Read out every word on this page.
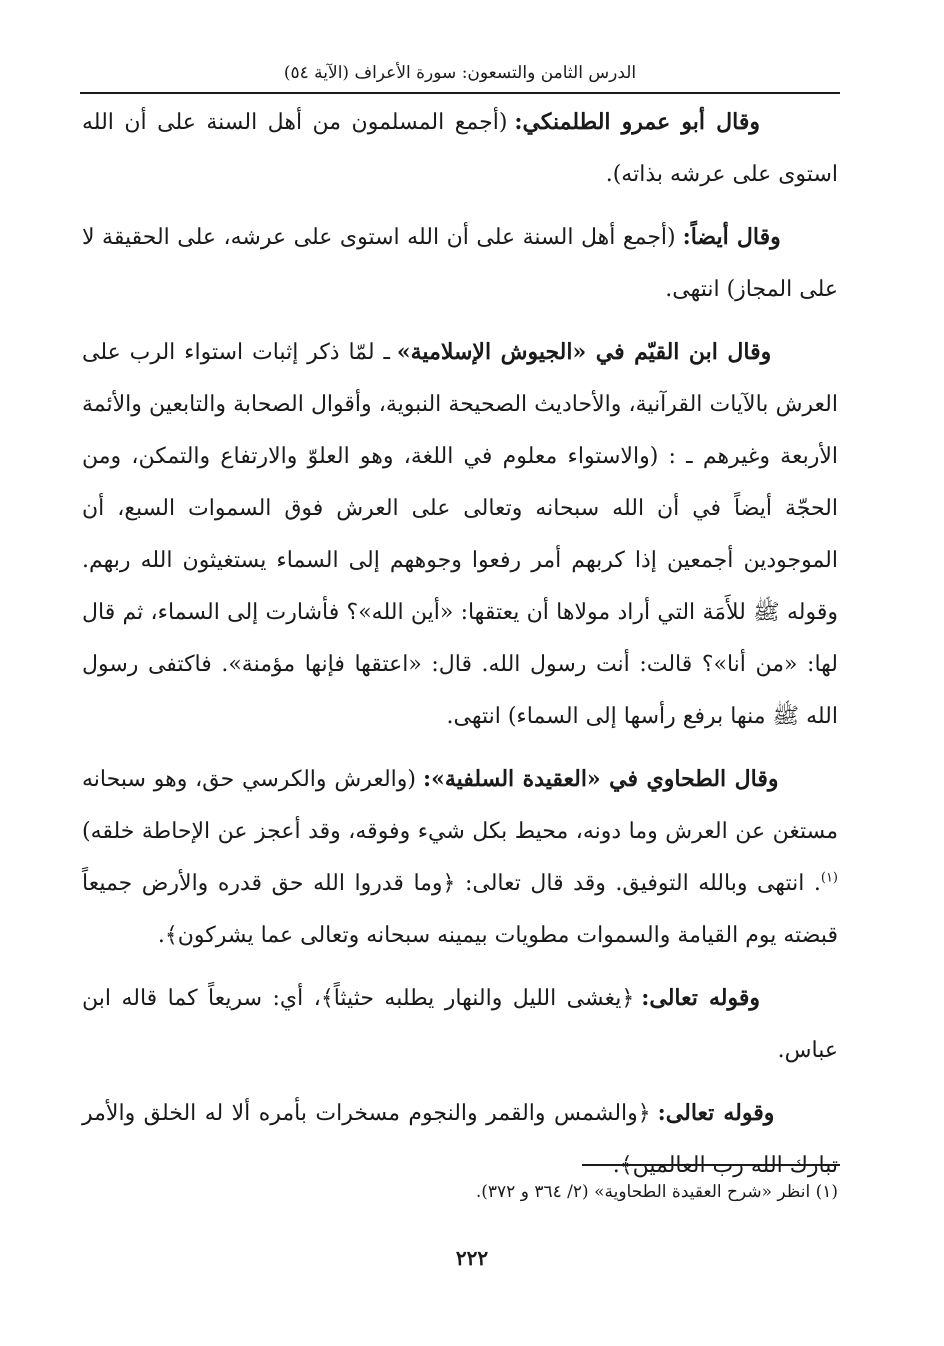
الدرس الثامن والتسعون: سورة الأعراف (الآية ٥٤)

وقال أبو عمرو الطلمنكي: (أجمع المسلمون من أهل السنة على أن الله استوى على عرشه بذاته).

وقال أيضاً: (أجمع أهل السنة على أن الله استوى على عرشه، على الحقيقة لا على المجاز) انتهى.

وقال ابن القيّم في «الجيوش الإسلامية» ـ لمّا ذكر إثبات استواء الرب على العرش بالآيات القرآنية، والأحاديث الصحيحة النبوية، وأقوال الصحابة والتابعين والأئمة الأربعة وغيرهم ـ : (والاستواء معلوم في اللغة، وهو العلوّ والارتفاع والتمكن، ومن الحجّة أيضاً في أن الله سبحانه وتعالى على العرش فوق السموات السبع، أن الموجودين أجمعين إذا كربهم أمر رفعوا وجوههم إلى السماء يستغيثون الله ربهم. وقوله ﷺ للأَمَة التي أراد مولاها أن يعتقها: «أين الله»؟ فأشارت إلى السماء، ثم قال لها: «من أنا»؟ قالت: أنت رسول الله. قال: «اعتقها فإنها مؤمنة». فاكتفى رسول الله ﷺ منها برفع رأسها إلى السماء) انتهى.

وقال الطحاوي في «العقيدة السلفية»: (والعرش والكرسي حق، وهو سبحانه مستغن عن العرش وما دونه، محيط بكل شيء وفوقه، وقد أعجز عن الإحاطة خلقه)$^{(١)}$. انتهى وبالله التوفيق. وقد قال تعالى: ﴿وما قدروا الله حق قدره والأرض جميعاً قبضته يوم القيامة والسموات مطويات بيمينه سبحانه وتعالى عما يشركون﴾.

وقوله تعالى: ﴿يغشى الليل والنهار يطلبه حثيثاً﴾، أي: سريعاً كما قاله ابن عباس.

وقوله تعالى: ﴿والشمس والقمر والنجوم مسخرات بأمره ألا له الخلق والأمر تبارك الله رب العالمين﴾.

(١) انظر «شرح العقيدة الطحاوية» (٢/ ٣٦٤ و ٣٧٢).
٢٢٢
